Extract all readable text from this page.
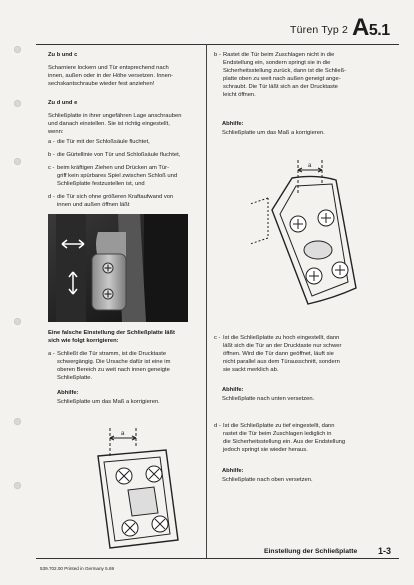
Türen Typ 2 A5.1
Zu b und c
Scharniere lockern und Tür entsprechend nach
innen, außen oder in der Höhe versetzen. Innen-
sechskantschraube wieder fest anziehen!
Zu d und e
Schließplatte in ihrer ungefähren Lage anschrauben
und danach einstellen. Sie ist richtig eingestellt,
wenn:
a - die Tür mit der Schloßsäule fluchtet,
b - die Gürtellinie von Tür und Schloßsäule fluchtet,
c - beim kräftigen Ziehen und Drücken am Tür-
griff kein spürbares Spiel zwischen Schloß und
Schließplatte festzustellen ist, und
d - die Tür sich ohne größeren Kraftaufwand von
innen und außen öffnen läßt
Eine falsche Einstellung der Schließplatte läßt
sich wie folgt korrigieren:
a - Schließt die Tür stramm, ist die Drucktaste
schwergängig. Die Ursache dafür ist eine im
oberen Bereich zu weit nach innen geneigte
Schließplatte.
Abhilfe:
Schließplatte um das Maß a korrigieren.
a
b - Rastet die Tür beim Zuschlagen nicht in die
Endstellung ein, sondern springt sie in die
Sicherheitsstellung zurück, dann ist die Schließ-
platte oben zu weit nach außen geneigt ange-
schraubt. Die Tür läßt sich an der Drucktaste
leicht öffnen.
Abhilfe:
Schließplatte um das Maß a korrigieren.
a
c - Ist die Schließplatte zu hoch eingestellt, dann
läßt sich die Tür an der Drucktaste nur schwer
öffnen. Wird die Tür dann geöffnet, läuft sie
nicht parallel aus dem Türausschnitt, sondern
sie sackt merklich ab.
Abhilfe:
Schließplatte nach unten versetzen.
d - Ist die Schließplatte zu tief eingestellt, dann
rastet die Tür beim Zuschlagen lediglich in
die Sicherheitsstellung ein. Aus der Endstellung
jedoch springt sie wieder heraus.
Abhilfe:
Schließplatte nach oben versetzen.
539.702.00 Printed in Germany 5.69
Einstellung der Schließplatte 1-3
